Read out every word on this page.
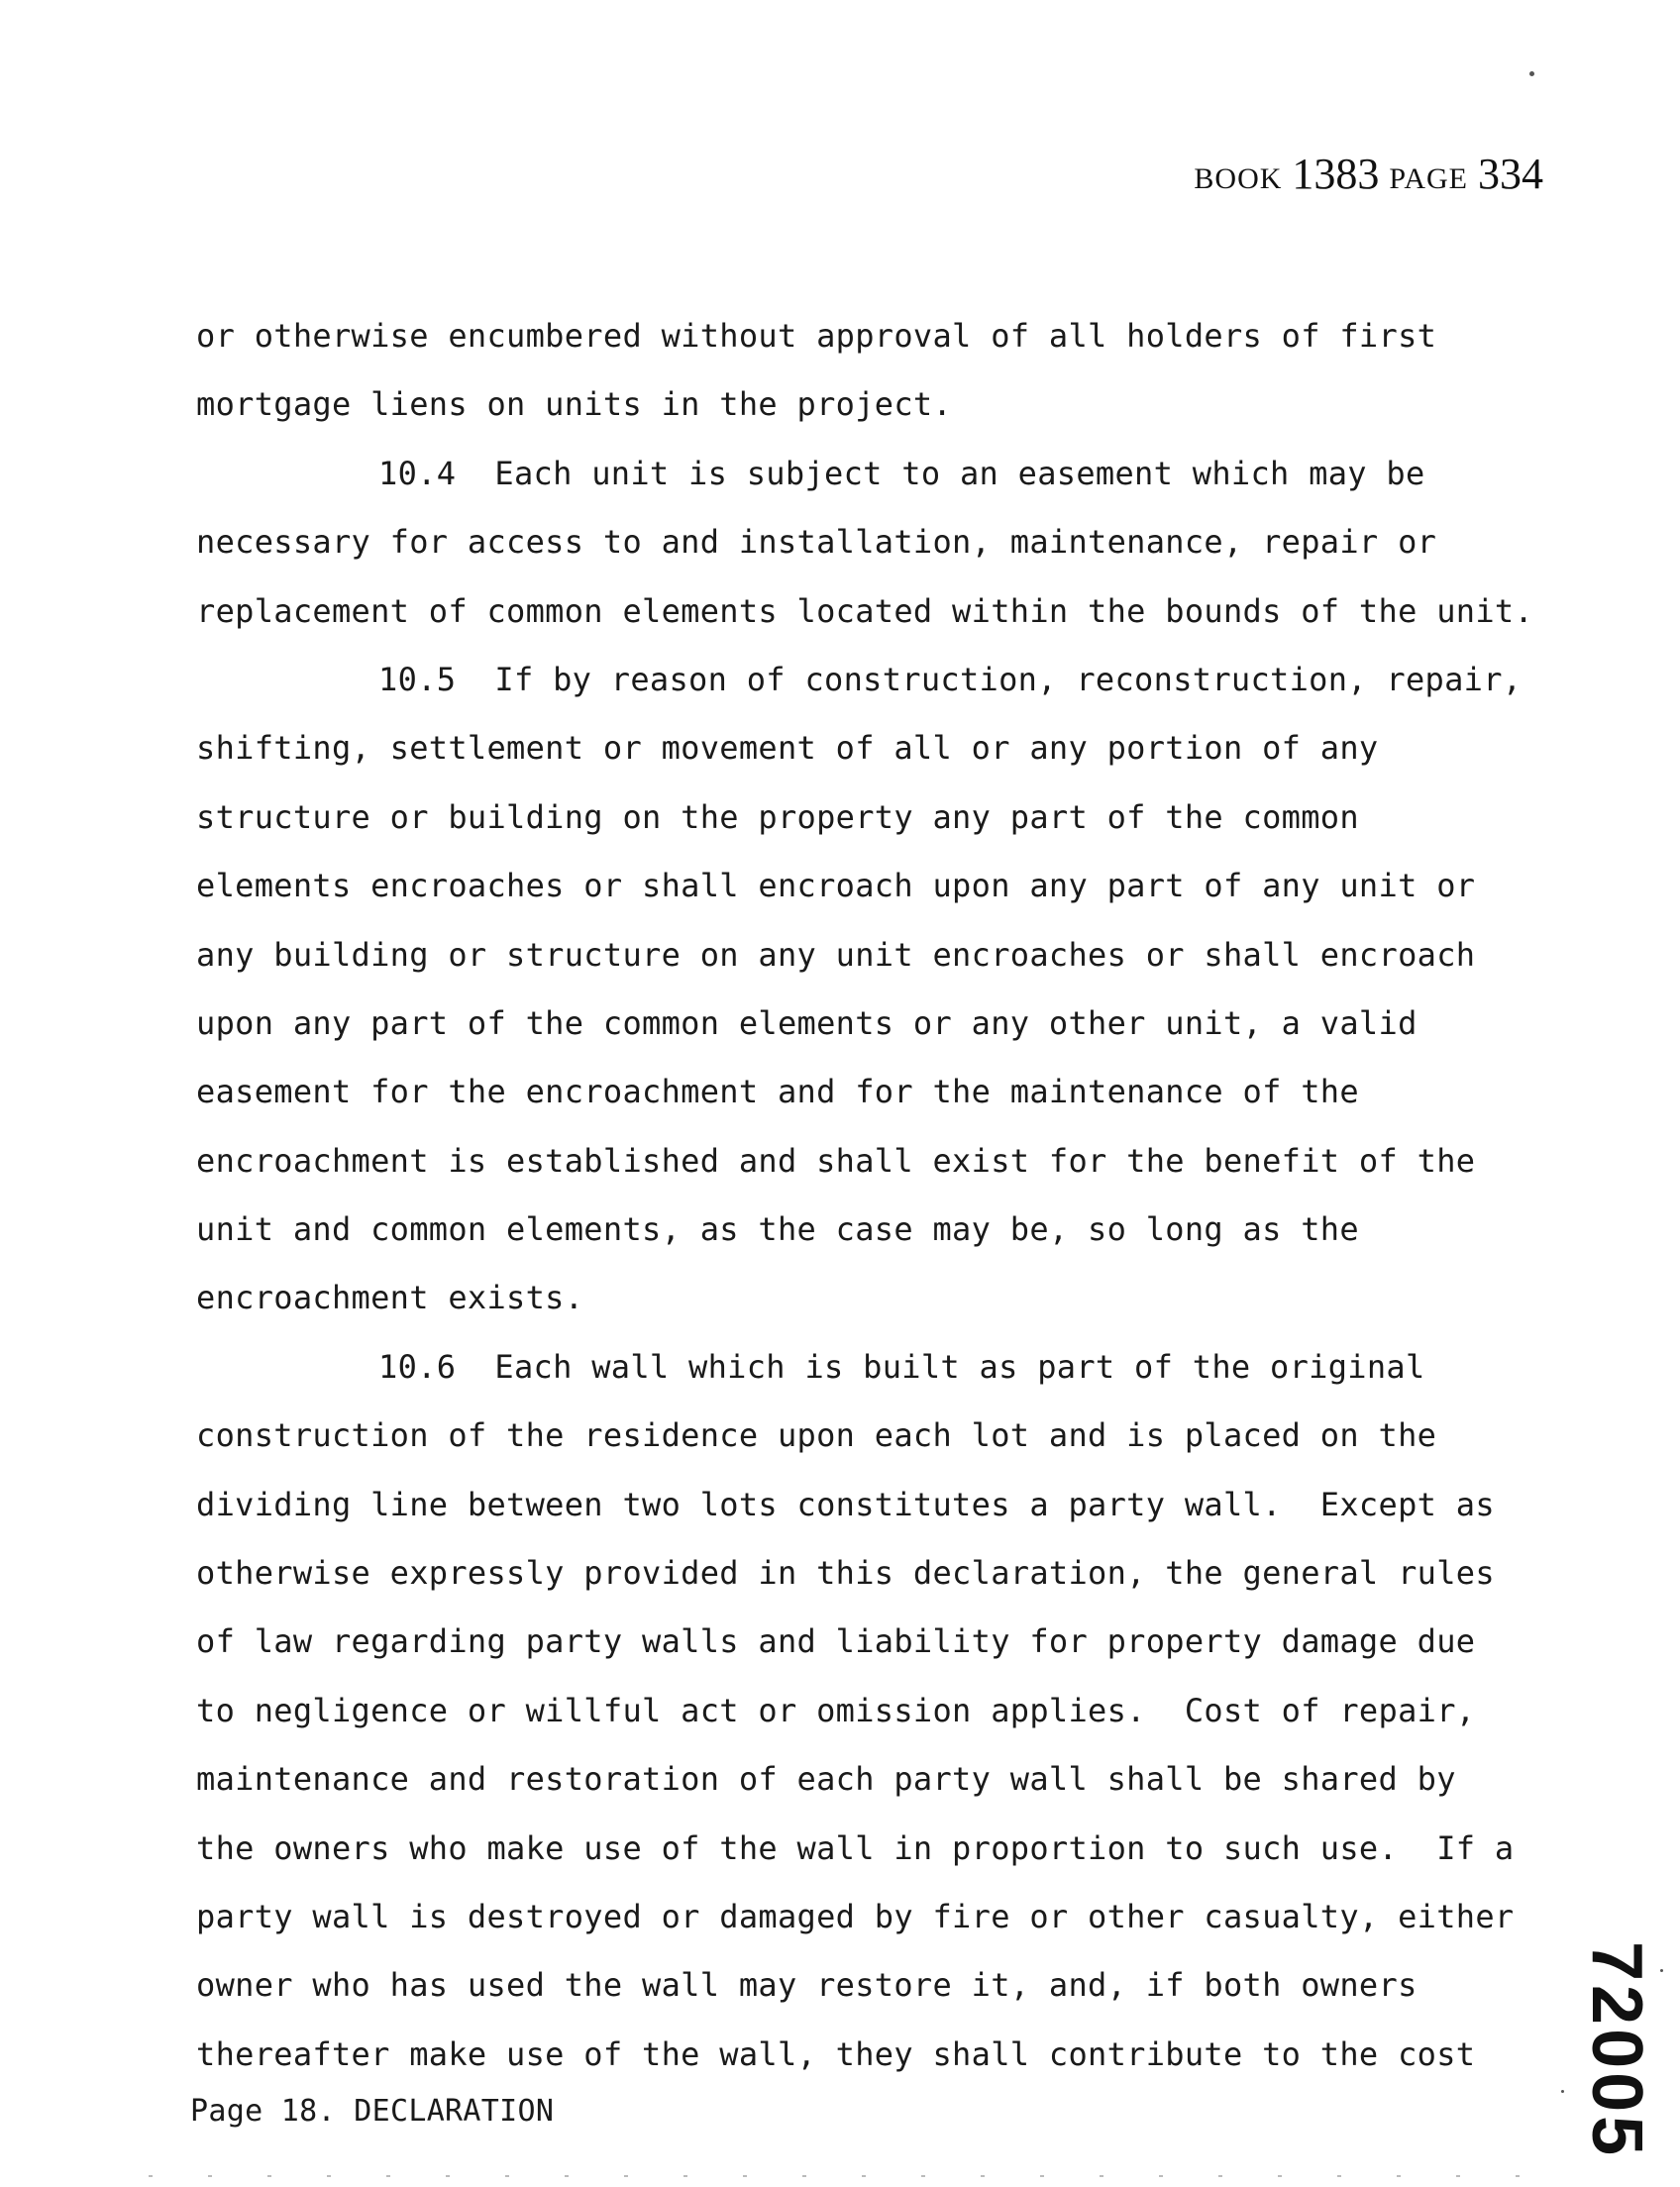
BOOK 1383 PAGE 334
or otherwise encumbered without approval of all holders of first
mortgage liens on units in the project.
10.4  Each unit is subject to an easement which may be
necessary for access to and installation, maintenance, repair or
replacement of common elements located within the bounds of the unit.
10.5  If by reason of construction, reconstruction, repair,
shifting, settlement or movement of all or any portion of any
structure or building on the property any part of the common
elements encroaches or shall encroach upon any part of any unit or
any building or structure on any unit encroaches or shall encroach
upon any part of the common elements or any other unit, a valid
easement for the encroachment and for the maintenance of the
encroachment is established and shall exist for the benefit of the
unit and common elements, as the case may be, so long as the
encroachment exists.
10.6  Each wall which is built as part of the original
construction of the residence upon each lot and is placed on the
dividing line between two lots constitutes a party wall.  Except as
otherwise expressly provided in this declaration, the general rules
of law regarding party walls and liability for property damage due
to negligence or willful act or omission applies.  Cost of repair,
maintenance and restoration of each party wall shall be shared by
the owners who make use of the wall in proportion to such use.  If a
party wall is destroyed or damaged by fire or other casualty, either
owner who has used the wall may restore it, and, if both owners
thereafter make use of the wall, they shall contribute to the cost
Page 18. DECLARATION	72005
